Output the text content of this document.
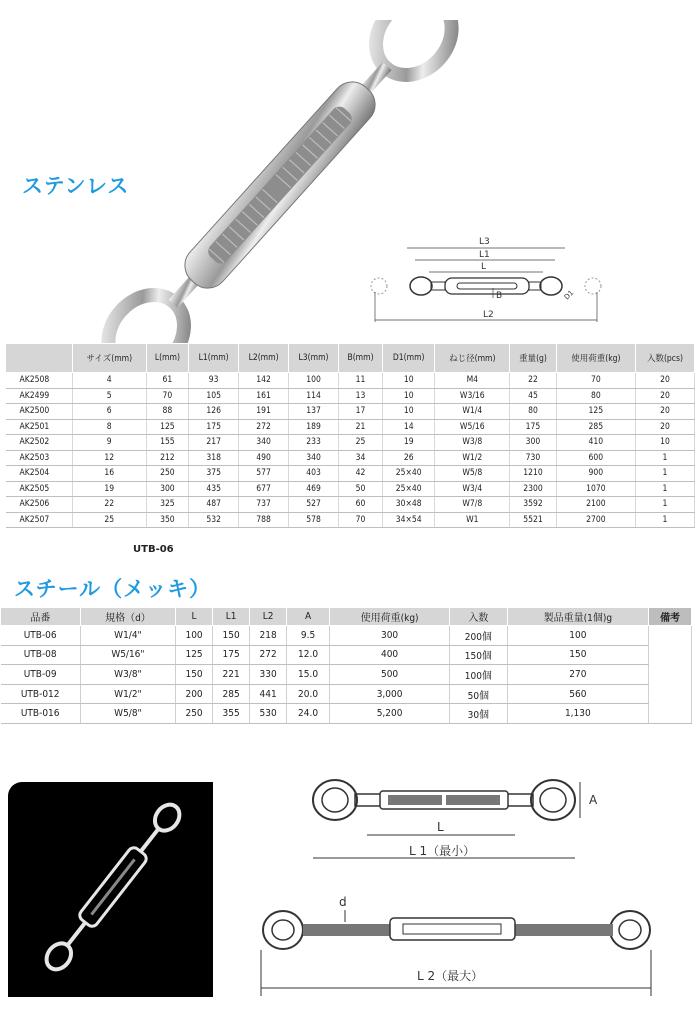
ステンレス
L3
L1
L
B	D1
L2
	サイズ(mm)	L(mm)	L1(mm)	L2(mm)	L3(mm)	B(mm)	D1(mm)	ねじ径(mm)	重量(g)	使用荷重(kg)	入数(pcs)
AK2508	4	61	93	142	100	11	10	M4	22	70	20
AK2499	5	70	105	161	114	13	10	W3/16	45	80	20
AK2500	6	88	126	191	137	17	10	W1/4	80	125	20
AK2501	8	125	175	272	189	21	14	W5/16	175	285	20
AK2502	9	155	217	340	233	25	19	W3/8	300	410	10
AK2503	12	212	318	490	340	34	26	W1/2	730	600	1
AK2504	16	250	375	577	403	42	25×40	W5/8	1210	900	1
AK2505	19	300	435	677	469	50	25×40	W3/4	2300	1070	1
AK2506	22	325	487	737	527	60	30×48	W7/8	3592	2100	1
AK2507	25	350	532	788	578	70	34×54	W1	5521	2700	1
UTB-06
スチール（メッキ）
品番	規格（d）	L	L1	L2	A	使用荷重(kg)	入数	製品重量(1個)g	備考
UTB-06	W1/4"	100	150	218	9.5	300	200個	100	
UTB-08	W5/16"	125	175	272	12.0	400	150個	150	
UTB-09	W3/8"	150	221	330	15.0	500	100個	270	
UTB-012	W1/2"	200	285	441	20.0	3,000	50個	560	
UTB-016	W5/8"	250	355	530	24.0	5,200	30個	1,130	
A
L
L 1（最小）
d
L 2（最大）
